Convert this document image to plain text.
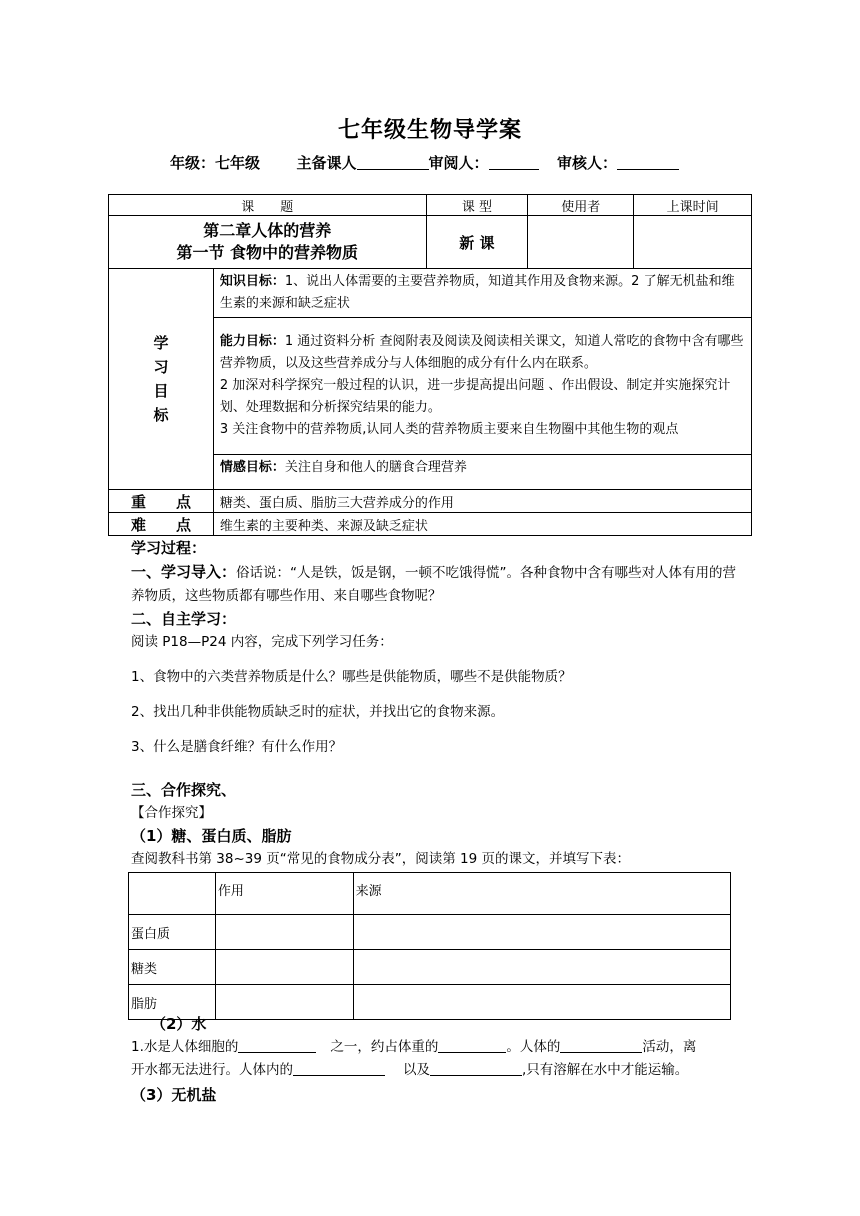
七年级生物导学案
年级：七年级 主备课人	审阅人：	审核人：
课　　题		课 型	使用者	上课时间

第二章人体的营养
第一节 食物中的营养物质		新 课		

学
习
目
标	知识目标：1、说出人体需要的主要营养物质，知道其作用及食物来源。2 了解无机盐和维生素的来源和缺乏症状			
	能力目标：1 通过资料分析 查阅附表及阅读及阅读相关课文，知道人常吃的食物中含有哪些营养物质，以及这些营养成分与人体细胞的成分有什么内在联系。
2 加深对科学探究一般过程的认识，进一步提高提出问题 、作出假设、制定并实施探究计划、处理数据和分析探究结果的能力。
3 关注食物中的营养物质,认同人类的营养物质主要来自生物圈中其他生物的观点			
	情感目标：关注自身和他人的膳食合理营养			
重　　点	糖类、蛋白质、脂肪三大营养成分的作用			
难　　点	维生素的主要种类、来源及缺乏症状			
学习过程：
一、学习导入：俗话说：“人是铁，饭是钢，一顿不吃饿得慌”。各种食物中含有哪些对人体有用的营养物质，这些物质都有哪些作用、来自哪些食物呢？
二、自主学习：
阅读 P18—P24 内容，完成下列学习任务：
1、食物中的六类营养物质是什么？哪些是供能物质，哪些不是供能物质？
2、找出几种非供能物质缺乏时的症状，并找出它的食物来源。
3、什么是膳食纤维？有什么作用？
三、合作探究、
【合作探究】
（1）糖、蛋白质、脂肪
查阅教科书第 38~39 页“常见的食物成分表”，阅读第 19 页的课文，并填写下表：
	作用	来源
蛋白质		
糖类		
脂肪		
（2）水
1.水是人体细胞的	之一，约占体重的	。人体的	活动，离
开水都无法进行。人体内的	以及	,只有溶解在水中才能运输。
（3）无机盐
